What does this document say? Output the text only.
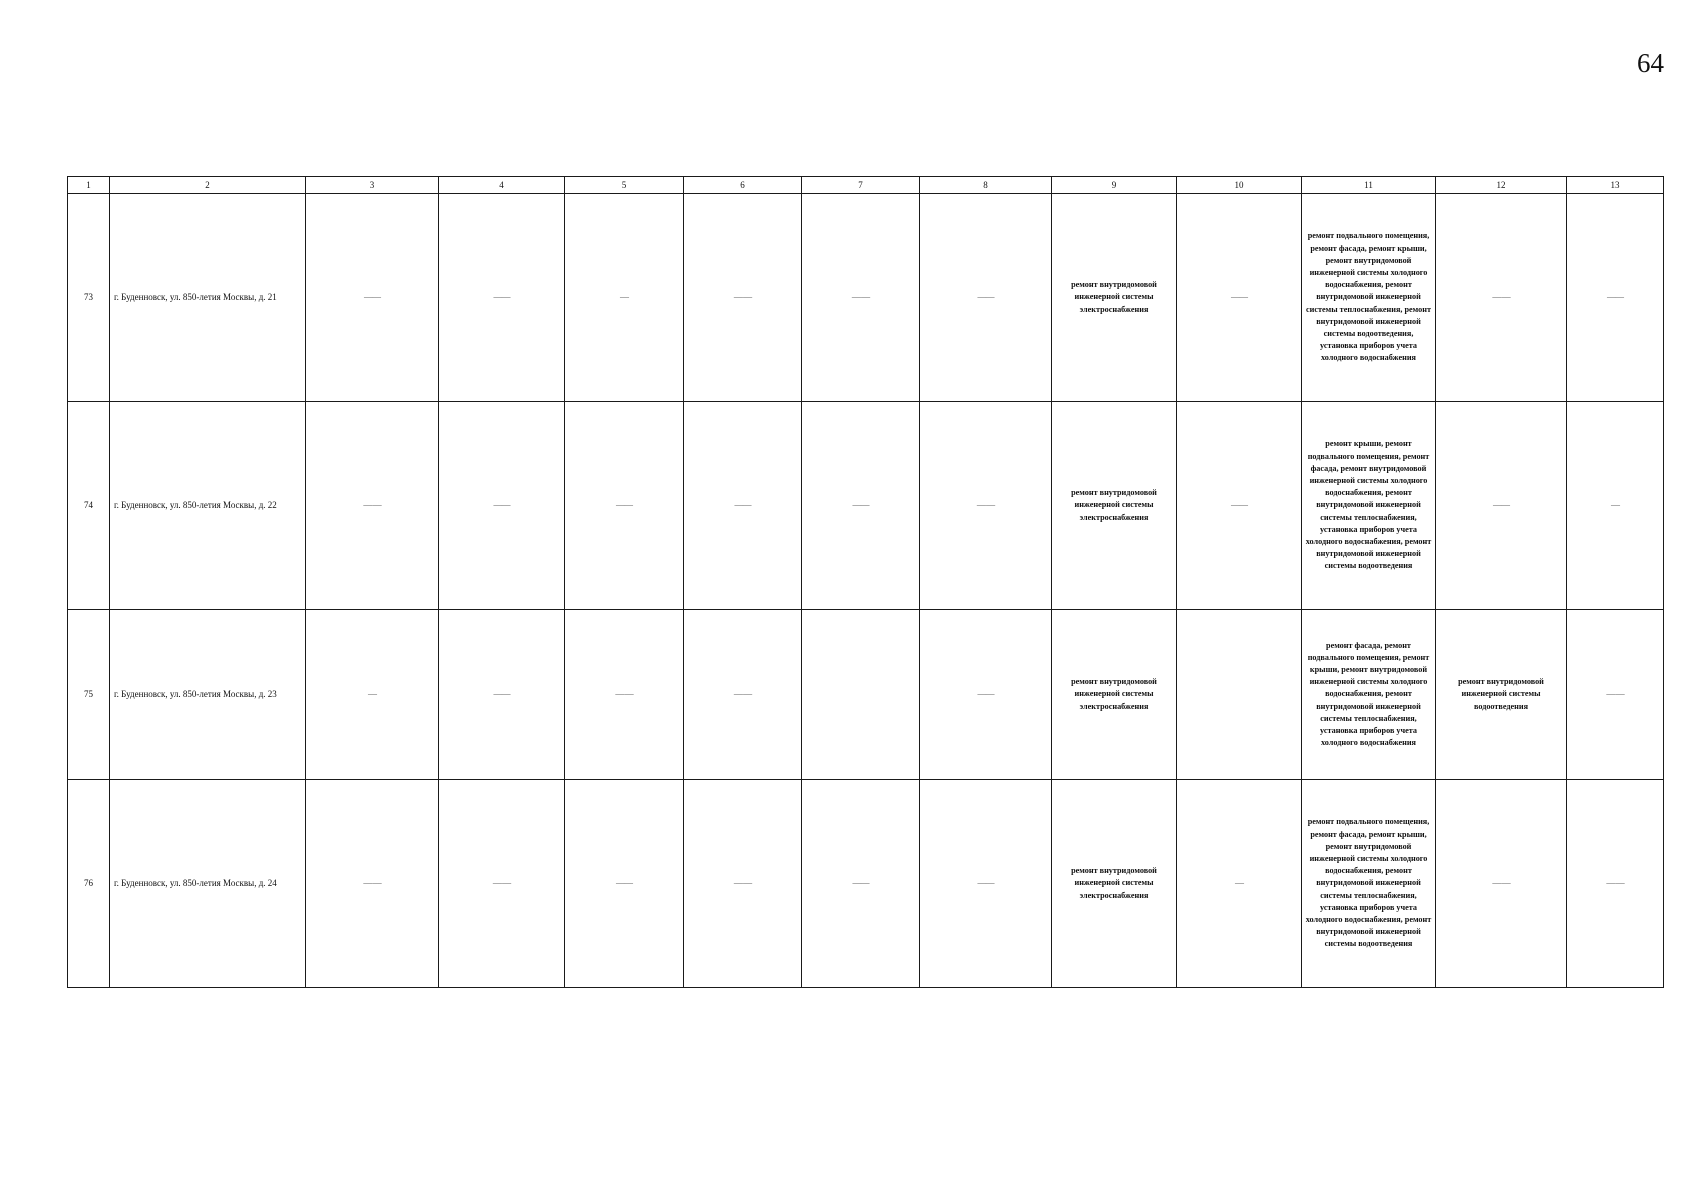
64
1	2	3	4	5	6	7	8	9	10	11	12	13
73	г. Буденновск, ул. 850-летия Москвы, д. 21	——	——	—	— —	— —	——	ремонт внутридомовой инженерной системы электроснабжения	——	ремонт подвального помещения, ремонт фасада, ремонт крыши, ремонт внутридомовой инженерной системы холодного водоснабжения, ремонт внутридомовой инженерной системы теплоснабжения, ремонт внутридомовой инженерной системы водоотведения, установка приборов учета холодного водоснабжения	— —	——
74	г. Буденновск, ул. 850-летия Москвы, д. 22	— —	——	——	——	——	— —	ремонт внутридомовой инженерной системы электроснабжения	——	ремонт крыши, ремонт подвального помещения, ремонт фасада, ремонт внутридомовой инженерной системы холодного водоснабжения, ремонт внутридомовой инженерной системы теплоснабжения, установка приборов учета холодного водоснабжения, ремонт внутридомовой инженерной системы водоотведения	——	—
75	г. Буденновск, ул. 850-летия Москвы, д. 23	—	——	— —	— —		——	ремонт внутридомовой инженерной системы электроснабжения		ремонт фасада, ремонт подвального помещения, ремонт крыши, ремонт внутридомовой инженерной системы холодного водоснабжения, ремонт внутридомовой инженерной системы теплоснабжения, установка приборов учета холодного водоснабжения	ремонт внутридомовой инженерной системы водоотведения	— —
76	г. Буденновск, ул. 850-летия Москвы, д. 24	— —	— —	——	— —	——	——	ремонт внутридомовой инженерной системы электроснабжения	—	ремонт подвального помещения, ремонт фасада, ремонт крыши, ремонт внутридомовой инженерной системы холодного водоснабжения, ремонт внутридомовой инженерной системы теплоснабжения, установка приборов учета холодного водоснабжения, ремонт внутридомовой инженерной системы водоотведения	— —	— —
